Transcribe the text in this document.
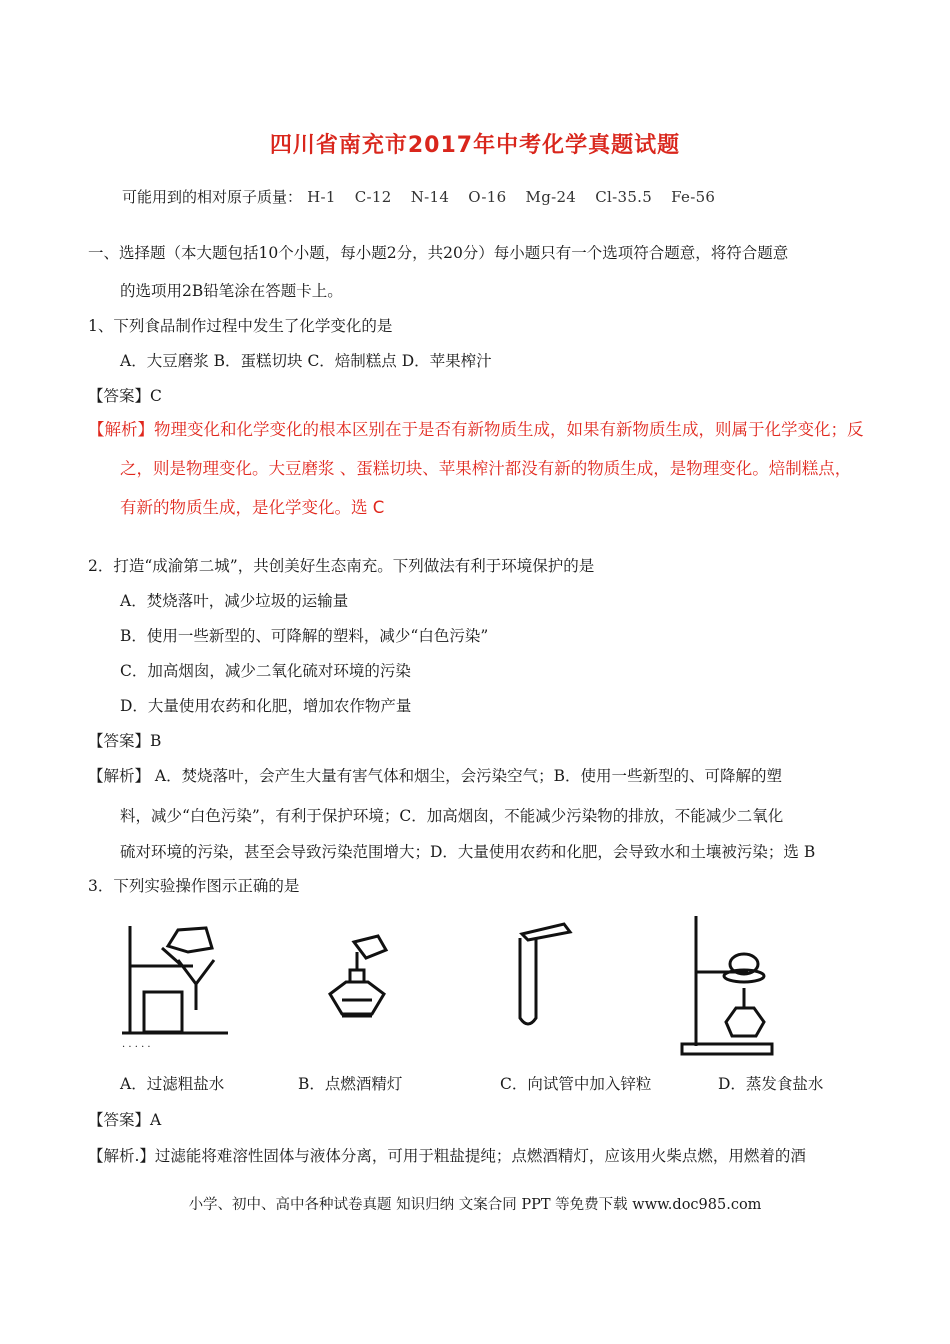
四川省南充市2017年中考化学真题试题
可能用到的相对原子质量： H-1 C-12 N-14 O-16 Mg-24 Cl-35.5 Fe-56
一、选择题（本大题包括10个小题，每小题2分，共20分）每小题只有一个选项符合题意，将符合题意
的选项用2B铅笔涂在答题卡上。
1、下列食品制作过程中发生了化学变化的是
A．大豆磨浆 B．蛋糕切块 C．焙制糕点 D．苹果榨汁
【答案】C
【解析】物理变化和化学变化的根本区别在于是否有新物质生成，如果有新物质生成，则属于化学变化；反
之，则是物理变化。大豆磨浆 、蛋糕切块、苹果榨汁都没有新的物质生成，是物理变化。焙制糕点，
有新的物质生成，是化学变化。选 C
2．打造“成渝第二城”，共创美好生态南充。下列做法有利于环境保护的是
A．焚烧落叶，减少垃圾的运输量
B．使用一些新型的、可降解的塑料，减少“白色污染”
C．加高烟囱，减少二氧化硫对环境的污染
D．大量使用农药和化肥，增加农作物产量
【答案】B
【解析】 A．焚烧落叶，会产生大量有害气体和烟尘，会污染空气；B．使用一些新型的、可降解的塑
料，减少“白色污染”，有利于保护环境；C．加高烟囱，不能减少污染物的排放，不能减少二氧化
硫对环境的污染，甚至会导致污染范围增大；D．大量使用农药和化肥，会导致水和土壤被污染；选 B
3．下列实验操作图示正确的是
· · · · ·
A．过滤粗盐水	B．点燃酒精灯	C．向试管中加入锌粒	D．蒸发食盐水
【答案】A
【解析.】过滤能将难溶性固体与液体分离，可用于粗盐提纯；点燃酒精灯，应该用火柴点燃，用燃着的酒
小学、初中、高中各种试卷真题 知识归纳 文案合同 PPT 等免费下载 www.doc985.com
